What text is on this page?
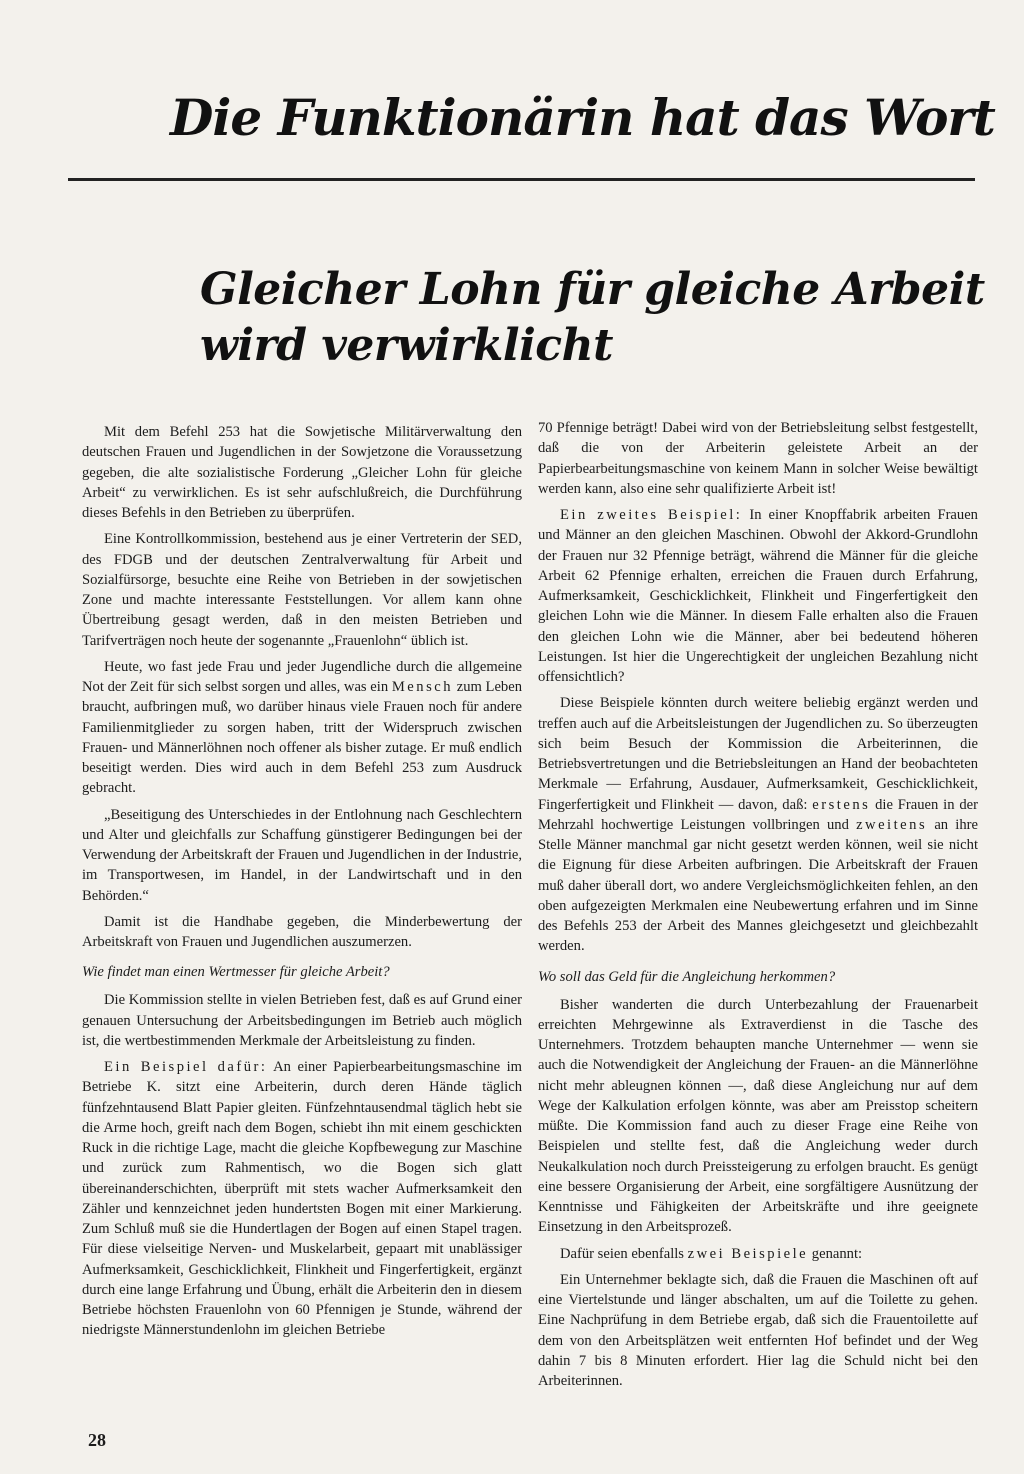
Die Funktionärin hat das Wort
Gleicher Lohn für gleiche Arbeit
wird verwirklicht

Mit dem Befehl 253 hat die Sowjetische Militärverwaltung den deutschen Frauen und Jugendlichen in der Sowjetzone die Voraussetzung gegeben, die alte sozialistische Forderung „Gleicher Lohn für gleiche Arbeit“ zu verwirklichen. Es ist sehr aufschlußreich, die Durchführung dieses Befehls in den Betrieben zu überprüfen.

Eine Kontrollkommission, bestehend aus je einer Vertreterin der SED, des FDGB und der deutschen Zentralverwaltung für Arbeit und Sozialfürsorge, besuchte eine Reihe von Betrieben in der sowjetischen Zone und machte interessante Feststellungen. Vor allem kann ohne Übertreibung gesagt werden, daß in den meisten Betrieben und Tarifverträgen noch heute der sogenannte „Frauenlohn“ üblich ist.

Heute, wo fast jede Frau und jeder Jugendliche durch die allgemeine Not der Zeit für sich selbst sorgen und alles, was ein Mensch zum Leben braucht, aufbringen muß, wo darüber hinaus viele Frauen noch für andere Familienmitglieder zu sorgen haben, tritt der Widerspruch zwischen Frauen- und Männerlöhnen noch offener als bisher zutage. Er muß endlich beseitigt werden. Dies wird auch in dem Befehl 253 zum Ausdruck gebracht.

„Beseitigung des Unterschiedes in der Entlohnung nach Geschlechtern und Alter und gleichfalls zur Schaffung günstigerer Bedingungen bei der Verwendung der Arbeitskraft der Frauen und Jugendlichen in der Industrie, im Transportwesen, im Handel, in der Landwirtschaft und in den Behörden.“

Damit ist die Handhabe gegeben, die Minderbewertung der Arbeitskraft von Frauen und Jugendlichen auszumerzen.

Wie findet man einen Wertmesser für gleiche Arbeit?

Die Kommission stellte in vielen Betrieben fest, daß es auf Grund einer genauen Untersuchung der Arbeitsbedingungen im Betrieb auch möglich ist, die wertbestimmenden Merkmale der Arbeitsleistung zu finden.

Ein Beispiel dafür: An einer Papierbearbeitungsmaschine im Betriebe K. sitzt eine Arbeiterin, durch deren Hände täglich fünfzehntausend Blatt Papier gleiten. Fünfzehntausendmal täglich hebt sie die Arme hoch, greift nach dem Bogen, schiebt ihn mit einem geschickten Ruck in die richtige Lage, macht die gleiche Kopfbewegung zur Maschine und zurück zum Rahmentisch, wo die Bogen sich glatt übereinanderschichten, überprüft mit stets wacher Aufmerksamkeit den Zähler und kennzeichnet jeden hundertsten Bogen mit einer Markierung. Zum Schluß muß sie die Hundertlagen der Bogen auf einen Stapel tragen. Für diese vielseitige Nerven- und Muskelarbeit, gepaart mit unablässiger Aufmerksamkeit, Geschicklichkeit, Flinkheit und Fingerfertigkeit, ergänzt durch eine lange Erfahrung und Übung, erhält die Arbeiterin den in diesem Betriebe höchsten Frauenlohn von 60 Pfennigen je Stunde, während der niedrigste Männerstundenlohn im gleichen Betriebe

70 Pfennige beträgt! Dabei wird von der Betriebsleitung selbst festgestellt, daß die von der Arbeiterin geleistete Arbeit an der Papierbearbeitungsmaschine von keinem Mann in solcher Weise bewältigt werden kann, also eine sehr qualifizierte Arbeit ist!

Ein zweites Beispiel: In einer Knopffabrik arbeiten Frauen und Männer an den gleichen Maschinen. Obwohl der Akkord-Grundlohn der Frauen nur 32 Pfennige beträgt, während die Männer für die gleiche Arbeit 62 Pfennige erhalten, erreichen die Frauen durch Erfahrung, Aufmerksamkeit, Geschicklichkeit, Flinkheit und Fingerfertigkeit den gleichen Lohn wie die Männer. In diesem Falle erhalten also die Frauen den gleichen Lohn wie die Männer, aber bei bedeutend höheren Leistungen. Ist hier die Ungerechtigkeit der ungleichen Bezahlung nicht offensichtlich?

Diese Beispiele könnten durch weitere beliebig ergänzt werden und treffen auch auf die Arbeitsleistungen der Jugendlichen zu. So überzeugten sich beim Besuch der Kommission die Arbeiterinnen, die Betriebsvertretungen und die Betriebsleitungen an Hand der beobachteten Merkmale — Erfahrung, Ausdauer, Aufmerksamkeit, Geschicklichkeit, Fingerfertigkeit und Flinkheit — davon, daß: erstens die Frauen in der Mehrzahl hochwertige Leistungen vollbringen und zweitens an ihre Stelle Männer manchmal gar nicht gesetzt werden können, weil sie nicht die Eignung für diese Arbeiten aufbringen. Die Arbeitskraft der Frauen muß daher überall dort, wo andere Vergleichsmöglichkeiten fehlen, an den oben aufgezeigten Merkmalen eine Neubewertung erfahren und im Sinne des Befehls 253 der Arbeit des Mannes gleichgesetzt und gleichbezahlt werden.

Wo soll das Geld für die Angleichung herkommen?

Bisher wanderten die durch Unterbezahlung der Frauenarbeit erreichten Mehrgewinne als Extraverdienst in die Tasche des Unternehmers. Trotzdem behaupten manche Unternehmer — wenn sie auch die Notwendigkeit der Angleichung der Frauen- an die Männerlöhne nicht mehr ableugnen können —, daß diese Angleichung nur auf dem Wege der Kalkulation erfolgen könnte, was aber am Preisstop scheitern müßte. Die Kommission fand auch zu dieser Frage eine Reihe von Beispielen und stellte fest, daß die Angleichung weder durch Neukalkulation noch durch Preissteigerung zu erfolgen braucht. Es genügt eine bessere Organisierung der Arbeit, eine sorgfältigere Ausnützung der Kenntnisse und Fähigkeiten der Arbeitskräfte und ihre geeignete Einsetzung in den Arbeitsprozeß.

Dafür seien ebenfalls zwei Beispiele genannt:

Ein Unternehmer beklagte sich, daß die Frauen die Maschinen oft auf eine Viertelstunde und länger abschalten, um auf die Toilette zu gehen. Eine Nachprüfung in dem Betriebe ergab, daß sich die Frauentoilette auf dem von den Arbeitsplätzen weit entfernten Hof befindet und der Weg dahin 7 bis 8 Minuten erfordert. Hier lag die Schuld nicht bei den Arbeiterinnen.

28
